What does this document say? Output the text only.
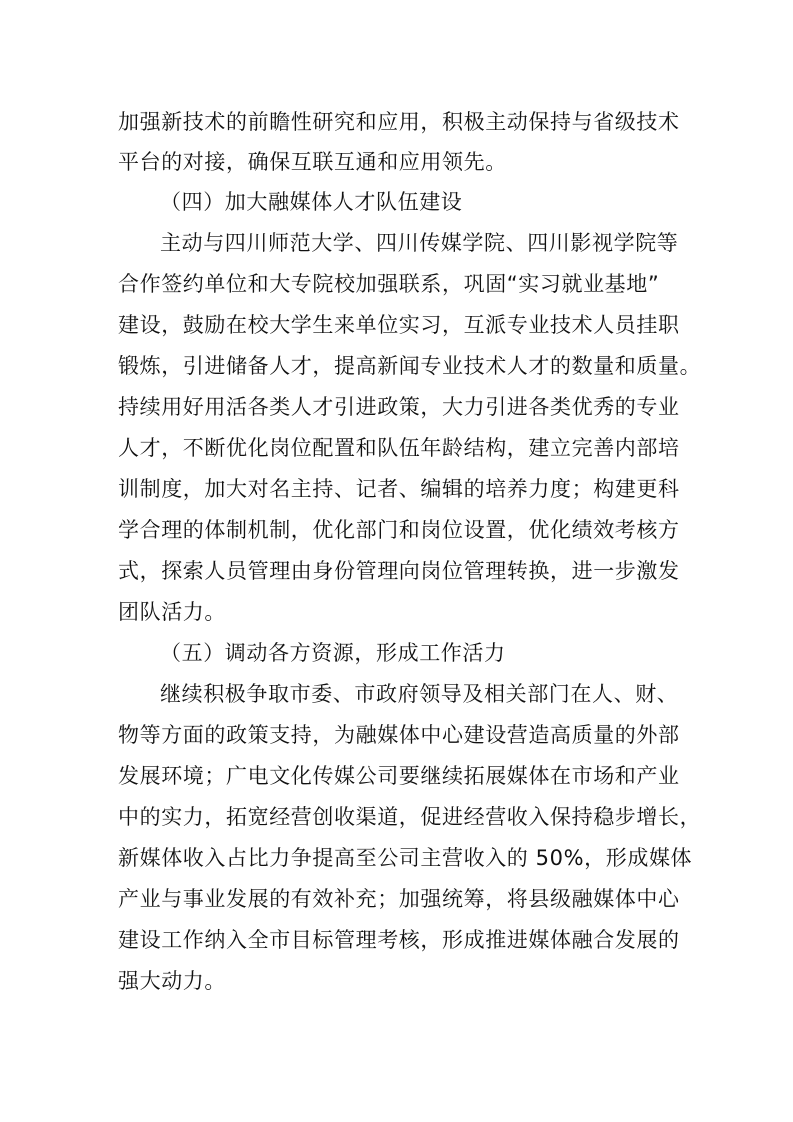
加强新技术的前瞻性研究和应用，积极主动保持与省级技术
平台的对接，确保互联互通和应用领先。
（四）加大融媒体人才队伍建设
主动与四川师范大学、四川传媒学院、四川影视学院等
合作签约单位和大专院校加强联系，巩固“实习就业基地”
建设，鼓励在校大学生来单位实习，互派专业技术人员挂职
锻炼，引进储备人才，提高新闻专业技术人才的数量和质量。
持续用好用活各类人才引进政策，大力引进各类优秀的专业
人才，不断优化岗位配置和队伍年龄结构，建立完善内部培
训制度，加大对名主持、记者、编辑的培养力度；构建更科
学合理的体制机制，优化部门和岗位设置，优化绩效考核方
式，探索人员管理由身份管理向岗位管理转换，进一步激发
团队活力。
（五）调动各方资源，形成工作活力
继续积极争取市委、市政府领导及相关部门在人、财、
物等方面的政策支持，为融媒体中心建设营造高质量的外部
发展环境；广电文化传媒公司要继续拓展媒体在市场和产业
中的实力，拓宽经营创收渠道，促进经营收入保持稳步增长，
新媒体收入占比力争提高至公司主营收入的 50%，形成媒体
产业与事业发展的有效补充；加强统筹，将县级融媒体中心
建设工作纳入全市目标管理考核，形成推进媒体融合发展的
强大动力。
